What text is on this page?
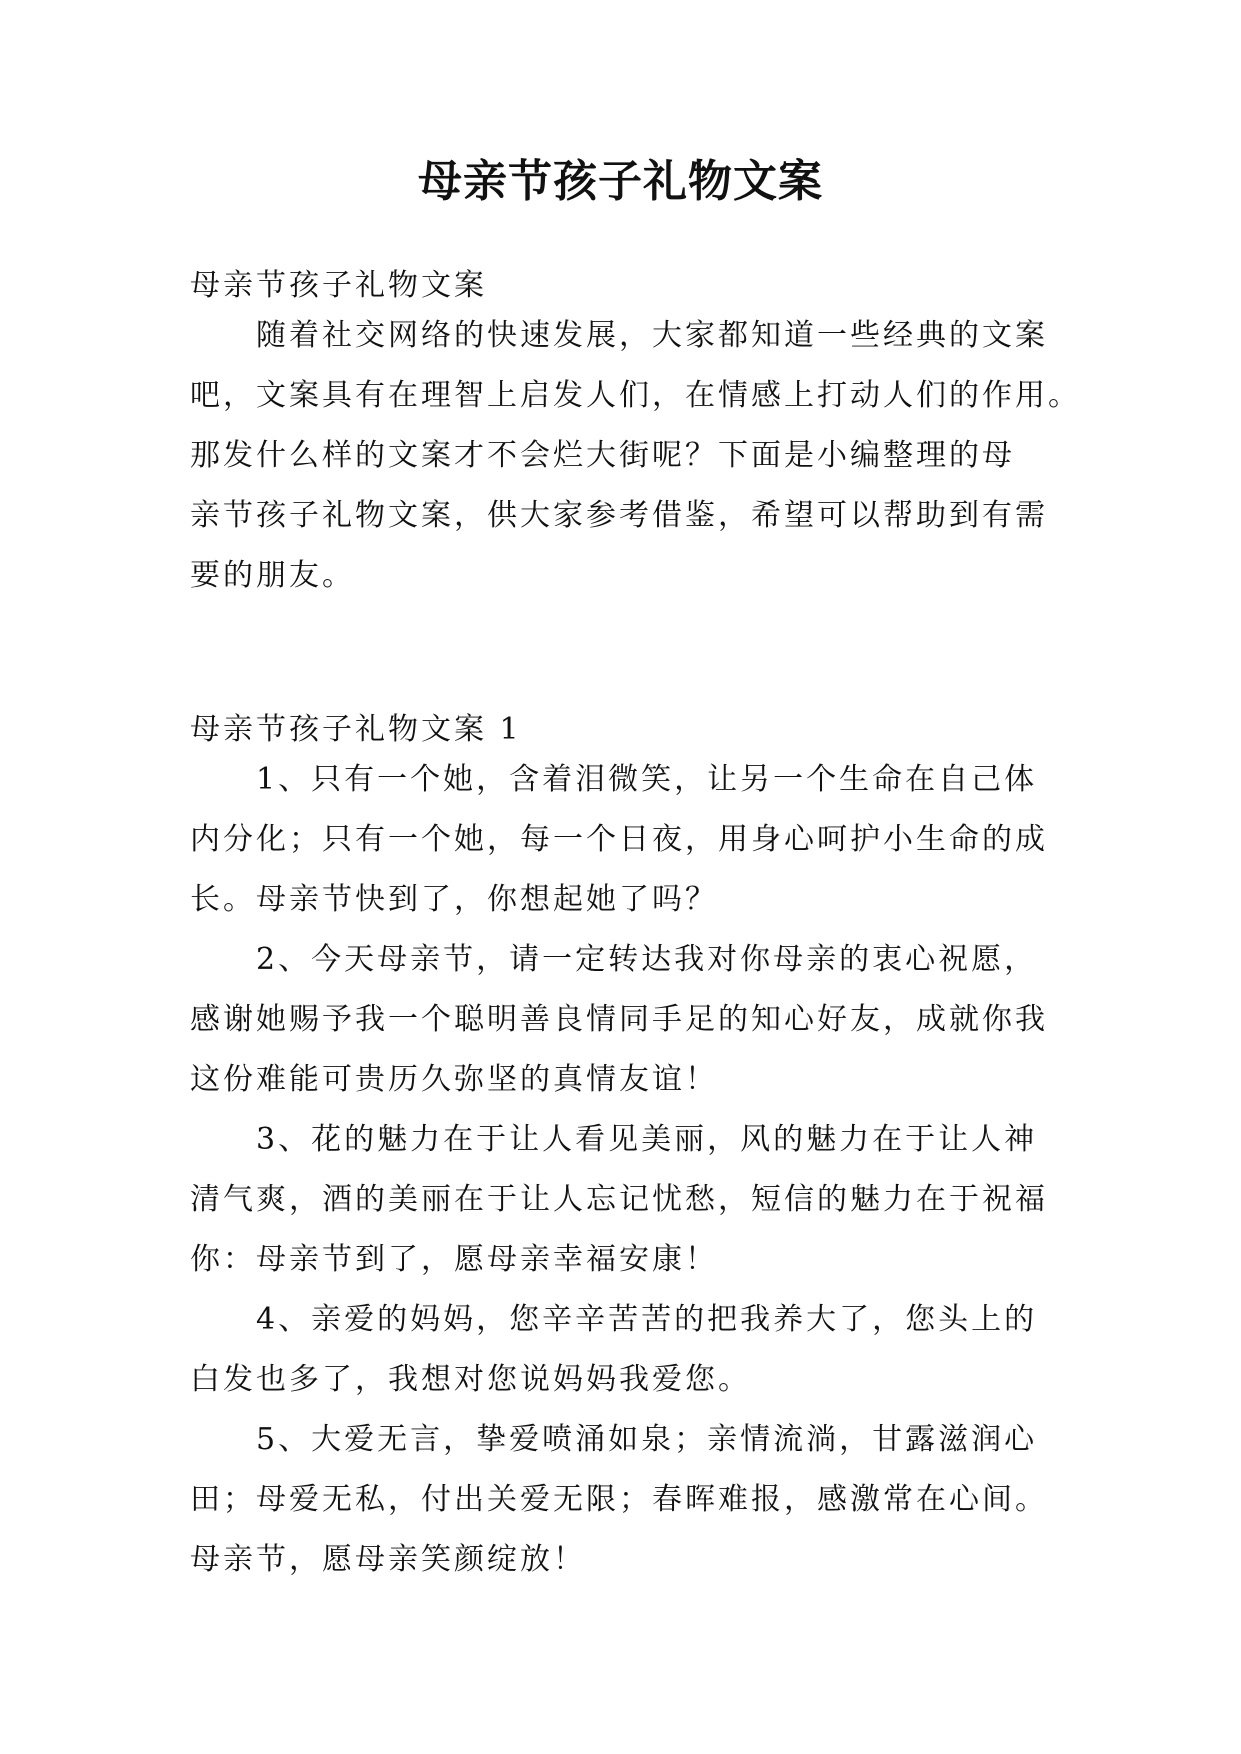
母亲节孩子礼物文案

母亲节孩子礼物文案

随着社交网络的快速发展，大家都知道一些经典的文案

吧，文案具有在理智上启发人们，在情感上打动人们的作用。

那发什么样的文案才不会烂大街呢？下面是小编整理的母

亲节孩子礼物文案，供大家参考借鉴，希望可以帮助到有需

要的朋友。

母亲节孩子礼物文案 1

1、只有一个她，含着泪微笑，让另一个生命在自己体

内分化；只有一个她，每一个日夜，用身心呵护小生命的成

长。母亲节快到了，你想起她了吗？

2、今天母亲节，请一定转达我对你母亲的衷心祝愿，

感谢她赐予我一个聪明善良情同手足的知心好友，成就你我

这份难能可贵历久弥坚的真情友谊！

3、花的魅力在于让人看见美丽，风的魅力在于让人神

清气爽，酒的美丽在于让人忘记忧愁，短信的魅力在于祝福

你：母亲节到了，愿母亲幸福安康！

4、亲爱的妈妈，您辛辛苦苦的把我养大了，您头上的

白发也多了，我想对您说妈妈我爱您。

5、大爱无言，挚爱喷涌如泉；亲情流淌，甘露滋润心

田；母爱无私，付出关爱无限；春晖难报，感激常在心间。

母亲节，愿母亲笑颜绽放！
